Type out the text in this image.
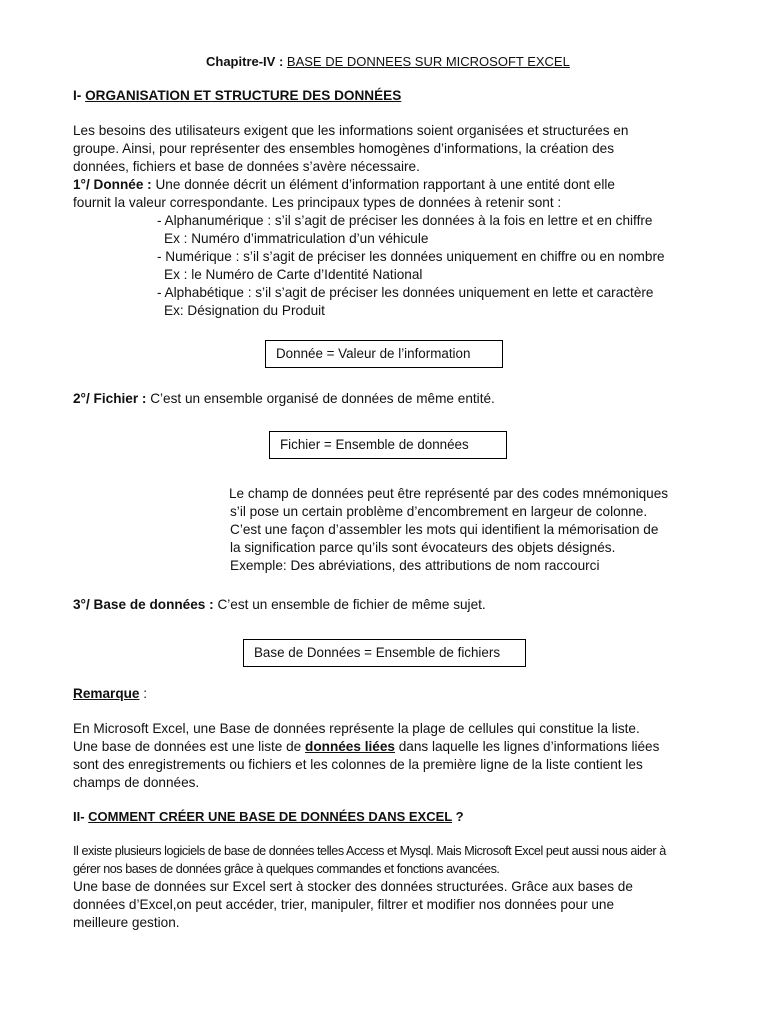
Chapitre-IV : BASE DE DONNEES SUR MICROSOFT EXCEL
I- ORGANISATION ET STRUCTURE DES DONNÉES
Les besoins des utilisateurs exigent que les informations soient organisées et structurées en
groupe. Ainsi, pour représenter des ensembles homogènes d’informations, la création des
données, fichiers et base de données s’avère nécessaire.
1°/ Donnée : Une donnée décrit un élément d’information rapportant à une entité dont elle
fournit la valeur correspondante. Les principaux types de données à retenir sont :
- Alphanumérique : s’il s’agit de préciser les données à la fois en lettre et en chiffre
Ex : Numéro d’immatriculation d’un véhicule
- Numérique : s’il s’agit de préciser les données uniquement en chiffre ou en nombre
Ex : le Numéro de Carte d’Identité National
- Alphabétique : s’il s’agit de préciser les données uniquement en lette et caractère
Ex: Désignation du Produit
Donnée = Valeur de l’information
2°/ Fichier : C’est un ensemble organisé de données de même entité.
Fichier = Ensemble de données
Le champ de données peut être représenté par des codes mnémoniques
s’il pose un certain problème d’encombrement en largeur de colonne.
C’est une façon d’assembler les mots qui identifient la mémorisation de
la signification parce qu’ils sont évocateurs des objets désignés.
Exemple: Des abréviations, des attributions de nom raccourci
3°/ Base de données : C’est un ensemble de fichier de même sujet.
Base de Données = Ensemble de fichiers
Remarque :
En Microsoft Excel, une Base de données représente la plage de cellules qui constitue la liste.
Une base de données est une liste de données liées dans laquelle les lignes d’informations liées
sont des enregistrements ou fichiers et les colonnes de la première ligne de la liste contient les
champs de données.
II- COMMENT CRÉER UNE BASE DE DONNÉES DANS EXCEL ?
Il existe plusieurs logiciels de base de données telles Access et Mysql. Mais Microsoft Excel peut aussi nous aider à
gérer nos bases de données grâce à quelques commandes et fonctions avancées.
Une base de données sur Excel sert à stocker des données structurées. Grâce aux bases de
données d’Excel,on peut accéder, trier, manipuler, filtrer et modifier nos données pour une
meilleure gestion.
